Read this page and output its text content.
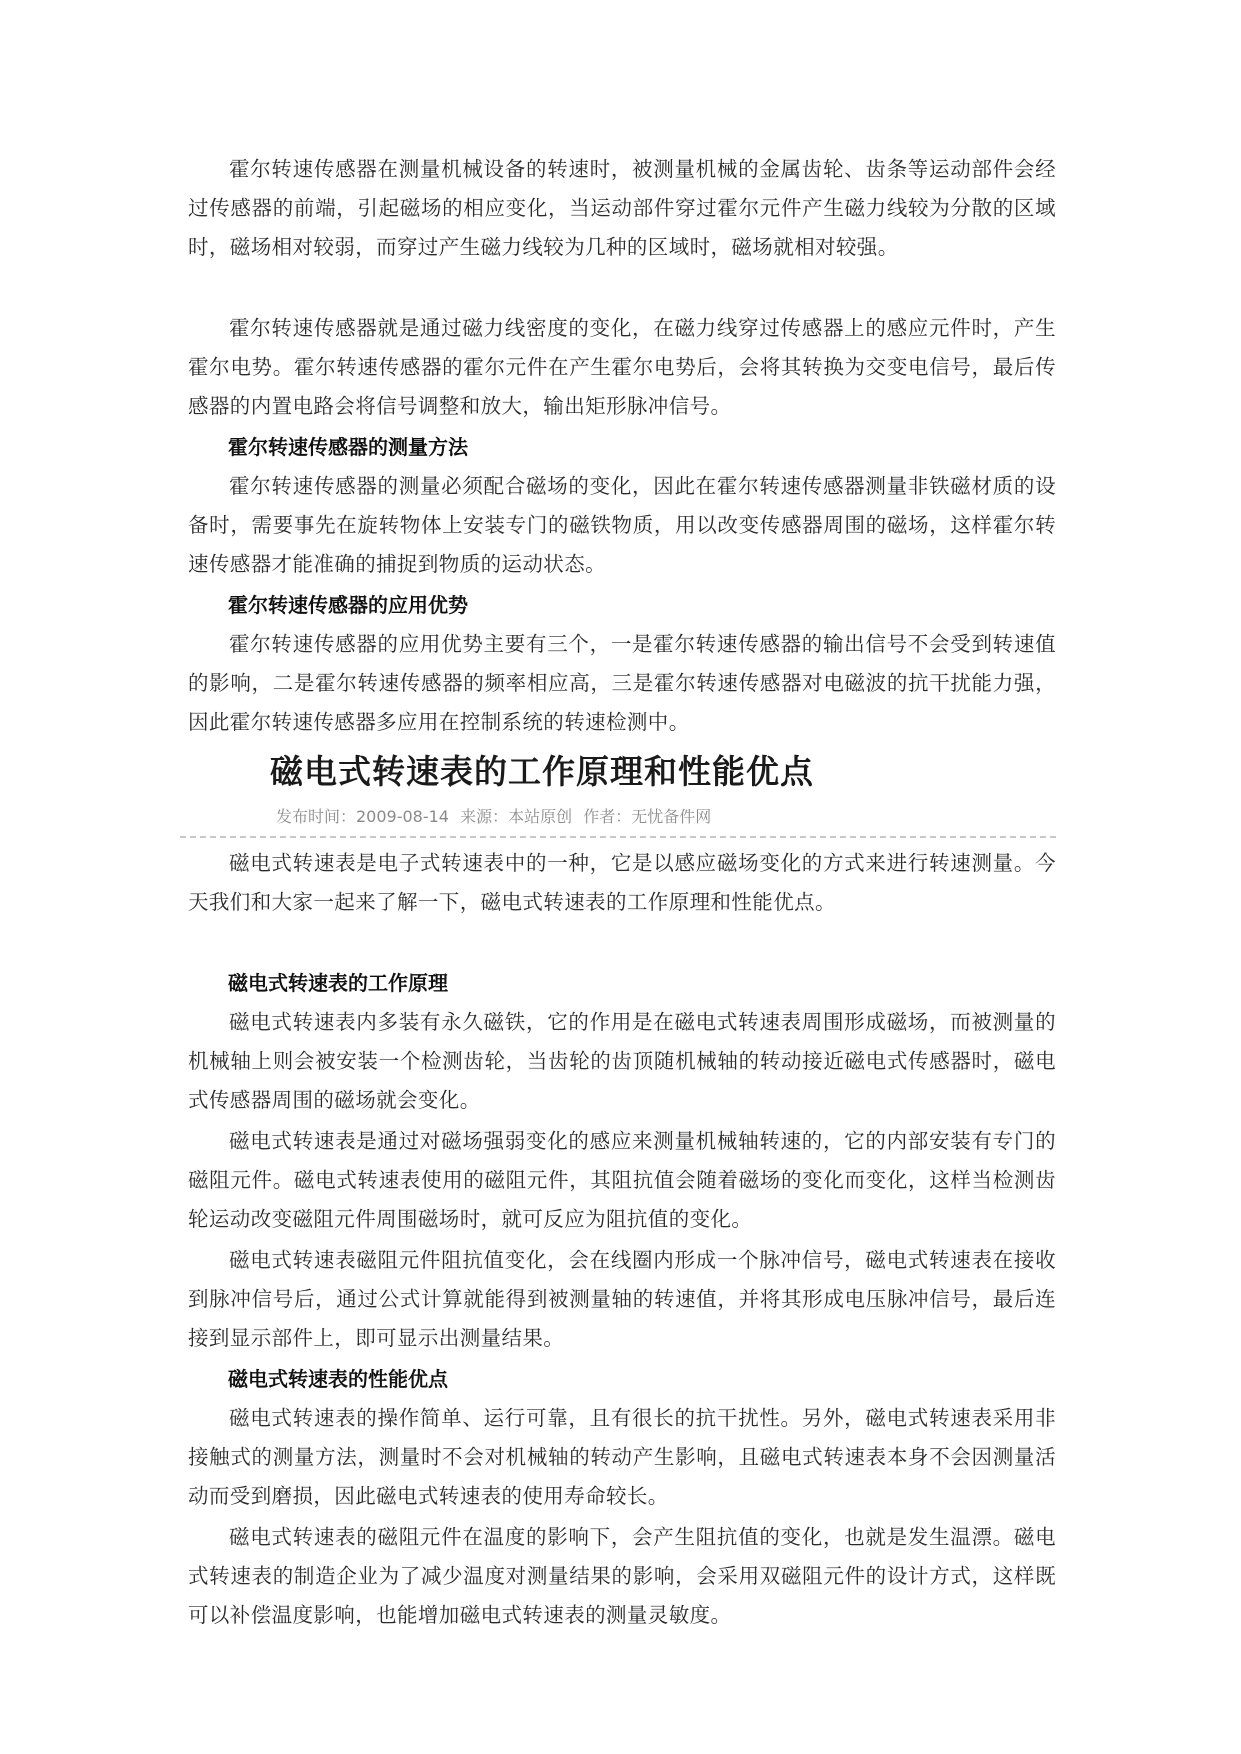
霍尔转速传感器在测量机械设备的转速时，被测量机械的金属齿轮、齿条等运动部件会经过传感器的前端，引起磁场的相应变化，当运动部件穿过霍尔元件产生磁力线较为分散的区域时，磁场相对较弱，而穿过产生磁力线较为几种的区域时，磁场就相对较强。

霍尔转速传感器就是通过磁力线密度的变化，在磁力线穿过传感器上的感应元件时，产生霍尔电势。霍尔转速传感器的霍尔元件在产生霍尔电势后，会将其转换为交变电信号，最后传感器的内置电路会将信号调整和放大，输出矩形脉冲信号。

霍尔转速传感器的测量方法

霍尔转速传感器的测量必须配合磁场的变化，因此在霍尔转速传感器测量非铁磁材质的设备时，需要事先在旋转物体上安装专门的磁铁物质，用以改变传感器周围的磁场，这样霍尔转速传感器才能准确的捕捉到物质的运动状态。

霍尔转速传感器的应用优势

霍尔转速传感器的应用优势主要有三个，一是霍尔转速传感器的输出信号不会受到转速值的影响，二是霍尔转速传感器的频率相应高，三是霍尔转速传感器对电磁波的抗干扰能力强，因此霍尔转速传感器多应用在控制系统的转速检测中。

磁电式转速表的工作原理和性能优点
发布时间：2009-08-14 来源：本站原创 作者：无忧备件网

磁电式转速表是电子式转速表中的一种，它是以感应磁场变化的方式来进行转速测量。今天我们和大家一起来了解一下，磁电式转速表的工作原理和性能优点。

磁电式转速表的工作原理

磁电式转速表内多装有永久磁铁，它的作用是在磁电式转速表周围形成磁场，而被测量的机械轴上则会被安装一个检测齿轮，当齿轮的齿顶随机械轴的转动接近磁电式传感器时，磁电式传感器周围的磁场就会变化。

磁电式转速表是通过对磁场强弱变化的感应来测量机械轴转速的，它的内部安装有专门的磁阻元件。磁电式转速表使用的磁阻元件，其阻抗值会随着磁场的变化而变化，这样当检测齿轮运动改变磁阻元件周围磁场时，就可反应为阻抗值的变化。

磁电式转速表磁阻元件阻抗值变化，会在线圈内形成一个脉冲信号，磁电式转速表在接收到脉冲信号后，通过公式计算就能得到被测量轴的转速值，并将其形成电压脉冲信号，最后连接到显示部件上，即可显示出测量结果。

磁电式转速表的性能优点

磁电式转速表的操作简单、运行可靠，且有很长的抗干扰性。另外，磁电式转速表采用非接触式的测量方法，测量时不会对机械轴的转动产生影响，且磁电式转速表本身不会因测量活动而受到磨损，因此磁电式转速表的使用寿命较长。

磁电式转速表的磁阻元件在温度的影响下，会产生阻抗值的变化，也就是发生温漂。磁电式转速表的制造企业为了减少温度对测量结果的影响，会采用双磁阻元件的设计方式，这样既可以补偿温度影响，也能增加磁电式转速表的测量灵敏度。
